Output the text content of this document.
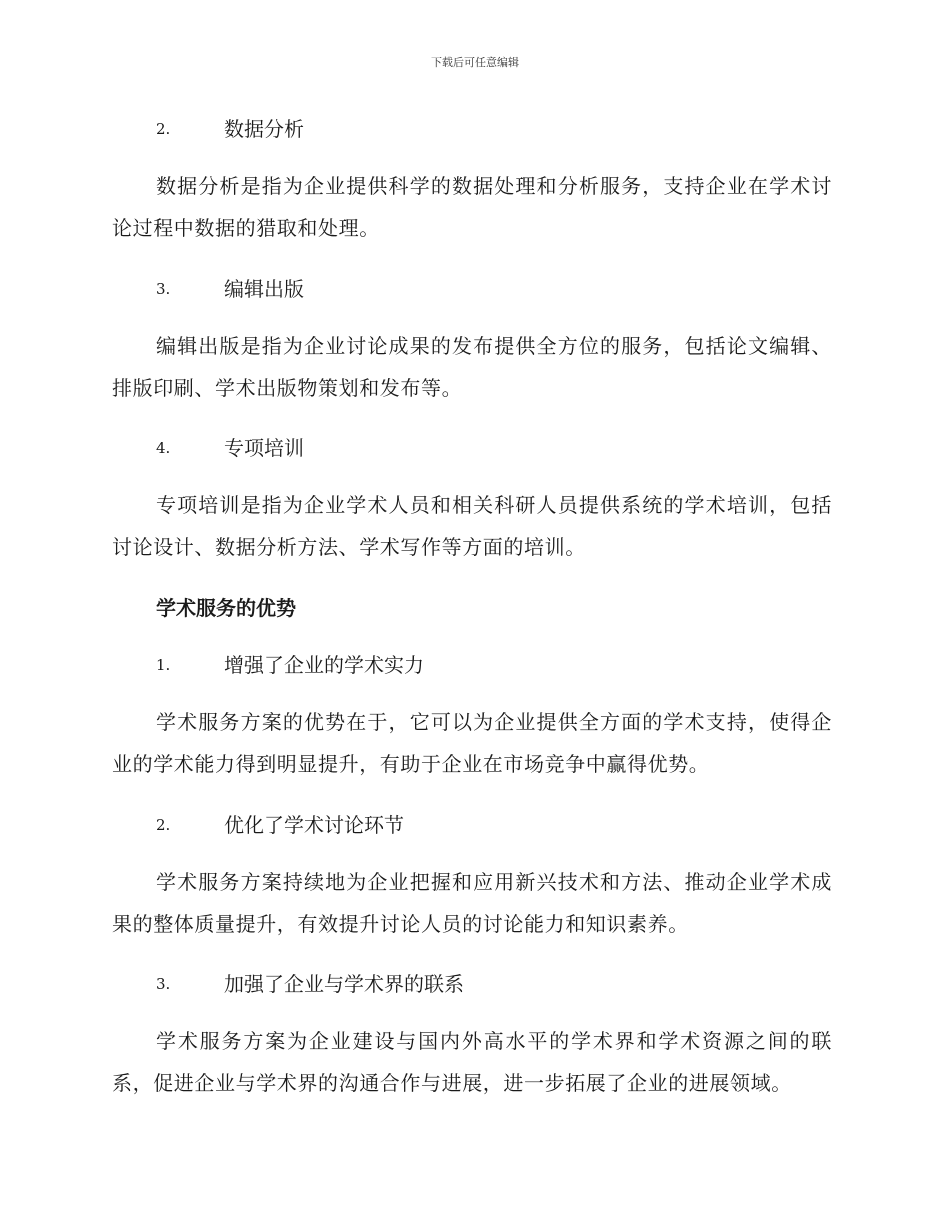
下载后可任意编辑
2.	数据分析

数据分析是指为企业提供科学的数据处理和分析服务，支持企业在学术讨论过程中数据的猎取和处理。

3.	编辑出版

编辑出版是指为企业讨论成果的发布提供全方位的服务，包括论文编辑、排版印刷、学术出版物策划和发布等。

4.	专项培训

专项培训是指为企业学术人员和相关科研人员提供系统的学术培训，包括讨论设计、数据分析方法、学术写作等方面的培训。

学术服务的优势
1.	增强了企业的学术实力

学术服务方案的优势在于，它可以为企业提供全方面的学术支持，使得企业的学术能力得到明显提升，有助于企业在市场竞争中赢得优势。

2.	优化了学术讨论环节

学术服务方案持续地为企业把握和应用新兴技术和方法、推动企业学术成果的整体质量提升，有效提升讨论人员的讨论能力和知识素养。

3.	加强了企业与学术界的联系

学术服务方案为企业建设与国内外高水平的学术界和学术资源之间的联系，促进企业与学术界的沟通合作与进展，进一步拓展了企业的进展领域。
